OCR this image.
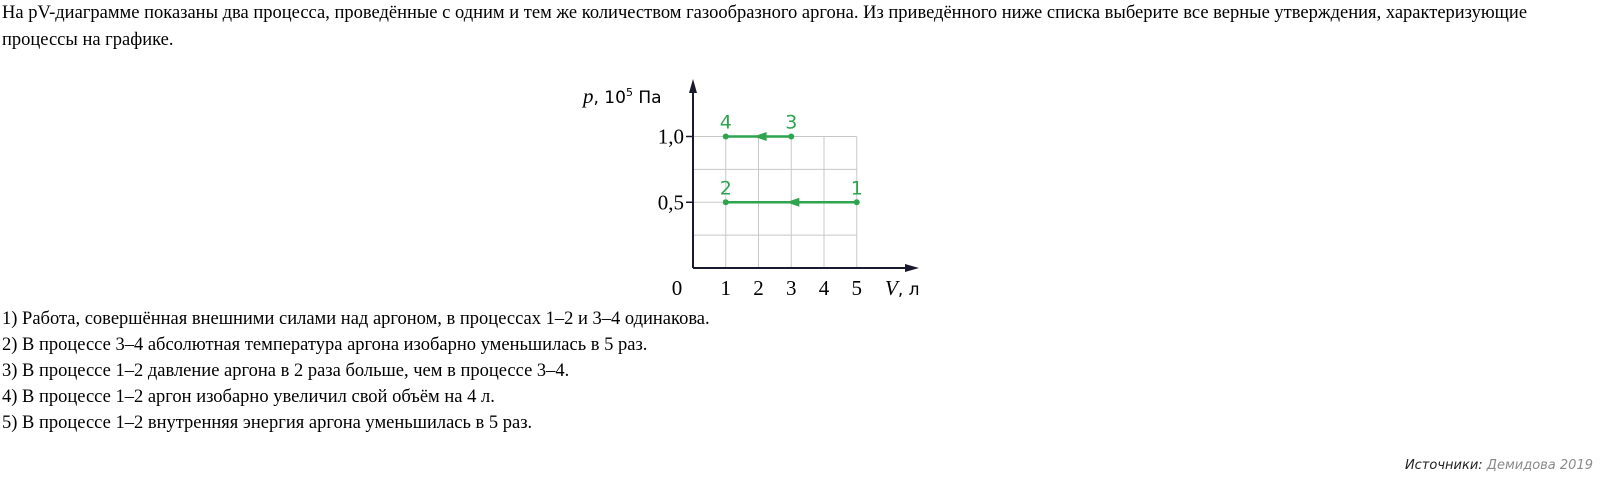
На pV-диаграмме показаны два процесса, проведённые с одним и тем же количеством газообразного аргона. Из приведённого ниже списка выберите все верные утверждения, характеризующие процессы на графике.
0,5
1,0
1 2 3 4 5
0
p, $10^5$ Па
V, л
3
4
1
2
1) Работа, совершённая внешними силами над аргоном, в процессах 1–2 и 3–4 одинакова.
2) В процессе 3–4 абсолютная температура аргона изобарно уменьшилась в 5 раз.
3) В процессе 1–2 давление аргона в 2 раза больше, чем в процессе 3–4.
4) В процессе 1–2 аргон изобарно увеличил свой объём на 4 л.
5) В процессе 1–2 внутренняя энергия аргона уменьшилась в 5 раз.
Источники: Демидова 2019
